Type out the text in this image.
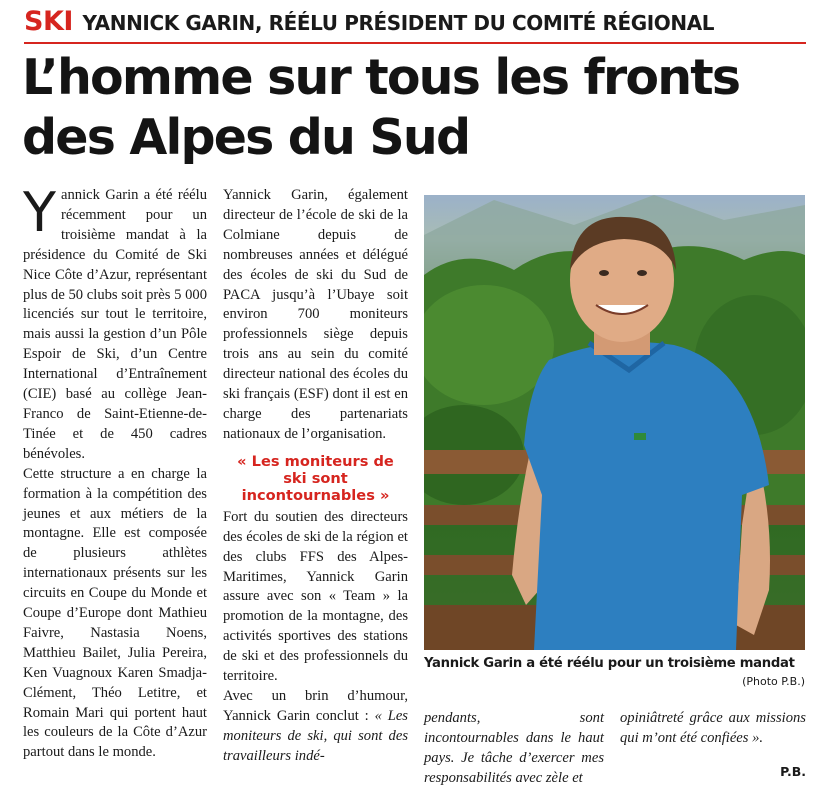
SKI YANNICK GARIN, RÉÉLU PRÉSIDENT DU COMITÉ RÉGIONAL
L’homme sur tous les fronts
des Alpes du Sud

Yannick Garin a été réélu récemment pour un troisième mandat à la présidence du Comité de Ski Nice Côte d’Azur, représentant plus de 50 clubs soit près 5 000 licenciés sur tout le territoire, mais aussi la gestion d’un Pôle Espoir de Ski, d’un Centre International d’Entraînement (CIE) basé au collège Jean-Franco de Saint-Etienne-de-Tinée et de 450 cadres bénévoles.

Cette structure a en charge la formation à la compétition des jeunes et aux métiers de la montagne. Elle est composée de plusieurs athlètes internationaux présents sur les circuits en Coupe du Monde et Coupe d’Europe dont Mathieu Faivre, Nastasia Noens, Matthieu Bailet, Julia Pereira, Ken Vuagnoux Karen Smadja-Clément, Théo Letitre, et Romain Mari qui portent haut les couleurs de la Côte d’Azur partout dans le monde.

Yannick Garin, également directeur de l’école de ski de la Colmiane depuis de nombreuses années et délégué des écoles de ski du Sud de PACA jusqu’à l’Ubaye soit environ 700 moniteurs professionnels siège depuis trois ans au sein du comité directeur national des écoles du ski français (ESF) dont il est en charge des partenariats nationaux de l’organisation.

« Les moniteurs de ski sont incontournables »

Fort du soutien des directeurs des écoles de ski de la région et des clubs FFS des Alpes-Maritimes, Yannick Garin assure avec son « Team » la promotion de la montagne, des activités sportives des stations de ski et des professionnels du territoire.

Avec un brin d’humour, Yannick Garin conclut : « Les moniteurs de ski, qui sont des travailleurs indé-

Yannick Garin a été réélu pour un troisième mandat
(Photo P.B.)
pendants, sont incontournables dans le haut pays. Je tâche d’exercer mes responsabilités avec zèle et
opiniâtreté grâce aux missions qui m’ont été confiées ».
P.B.
